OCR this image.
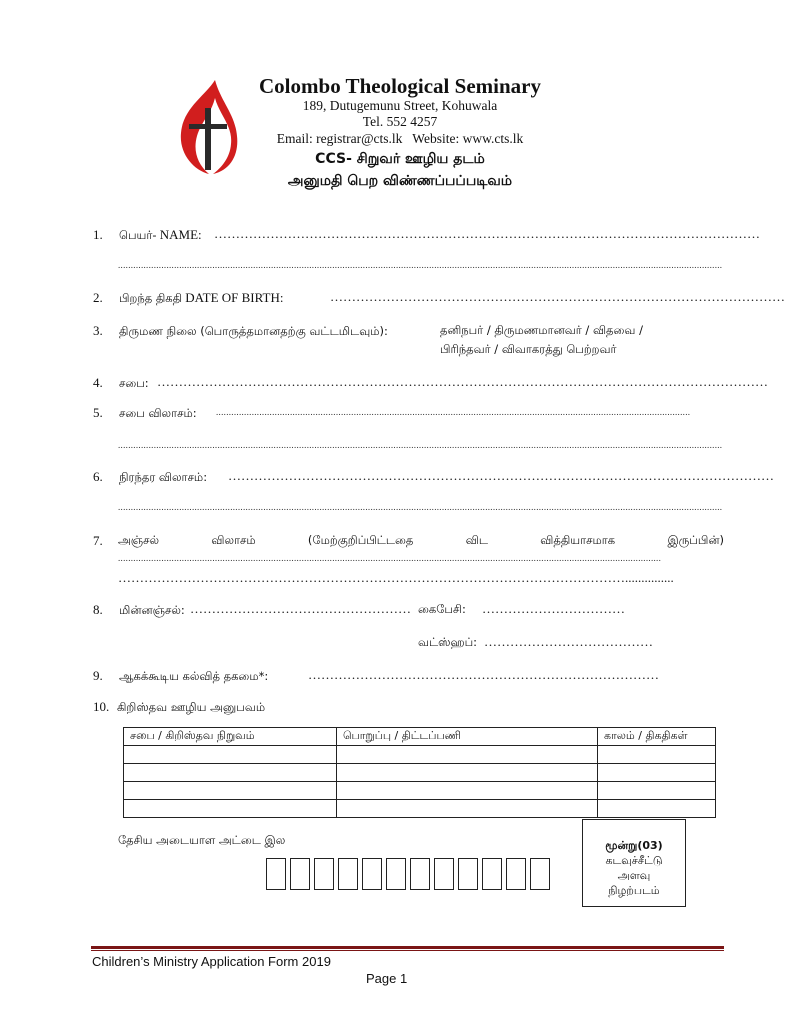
Colombo Theological Seminary
189, Dutugemunu Street, Kohuwala
Tel. 552 4257
Email: registrar@cts.lk   Website: www.cts.lk
CCS- சிறுவர் ஊழிய தடம்
அனுமதி பெற விண்ணப்பப்படிவம்
1. பெயர்- NAME: ………………………………………………………………………………………………………………
.............................................................................................................................................................................................................................................
2. பிறந்த திகதி DATE OF BIRTH:	……………………………………………………………………………………………
3. திருமண நிலை (பொருத்தமானதற்கு வட்டமிடவும்):	தனிநபர் / திருமணமானவர் / விதவை /
பிரிந்தவர் / விவாகரத்து பெற்றவர்
4. சபை: ……………………………………………………………………………………………………………………………
5. சபை விலாசம்: ..........................................................................................................................................................................................
.............................................................................................................................................................................................................................................
6. நிரந்தர விலாசம்: ………………………………………………………………………………………………………………
.............................................................................................................................................................................................................................................
7.	அஞ்சல்	விலாசம்	(மேற்குறிப்பிட்டதை	விட	வித்தியாசமாக	இருப்பின்)
.....................................................................................................................................................................................................................
………………………………………………………………………………………………………...............
8. மின்னஞ்சல்: …………………………………………… கைபேசி: ……………………………
வட்ஸ்ஹப்: …………………………………
9. ஆகக்கூடிய கல்வித் தகமை*:	………………………………………………………………………
10. கிறிஸ்தவ ஊழிய அனுபவம்
சபை / கிறிஸ்தவ நிறுவம்	பொறுப்பு / திட்டப்பணி	காலம் / திகதிகள்

தேசிய அடையாள அட்டை இல	மூன்று(03)
கடவுச்சீட்டு
அளவு
நிழற்படம்
Children’s Ministry Application Form 2019
Page 1
